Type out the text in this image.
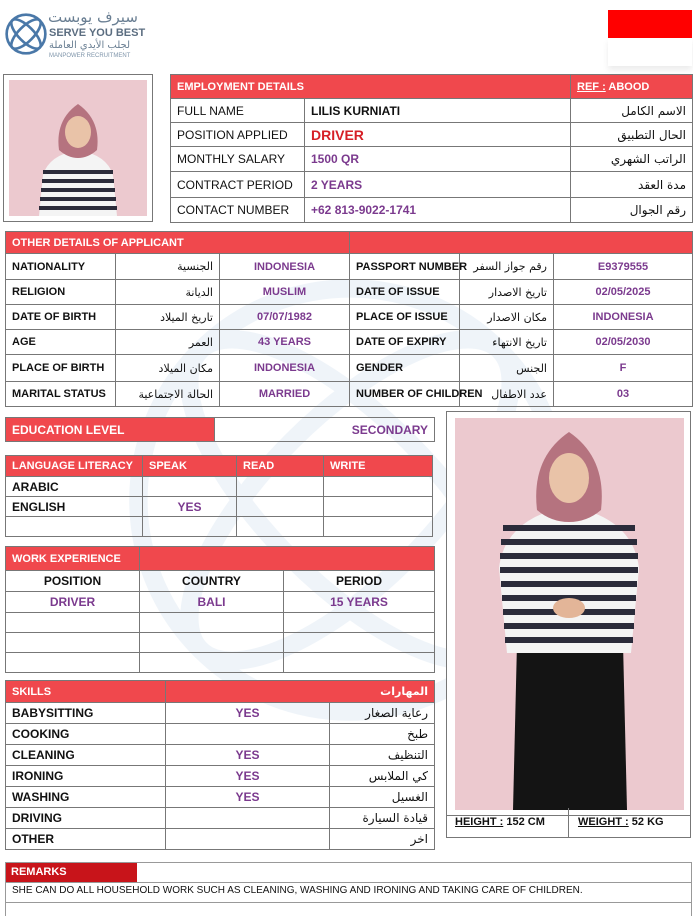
سيرف يوبست
SERVE YOU BEST
لجلب الأيدي العاملة
MANPOWER RECRUITMENT
EMPLOYMENT DETAILS		REF : ABOOD
FULL NAME	LILIS KURNIATI	الاسم الكامل
POSITION APPLIED	DRIVER	الحال التطبيق
MONTHLY SALARY	1500 QR	الراتب الشهري
CONTRACT PERIOD	2 YEARS	مدة العقد
CONTACT NUMBER	+62 813-9022-1741	رقم الجوال
OTHER DETAILS OF APPLICANT					
NATIONALITY	الجنسية	INDONESIA	PASSPORT NUMBER	رقم جواز السفر	E9379555
RELIGION	الديانة	MUSLIM	DATE OF ISSUE	تاريخ الاصدار	02/05/2025
DATE OF BIRTH	تاريخ الميلاد	07/07/1982	PLACE OF ISSUE	مكان الاصدار	INDONESIA
AGE	العمر	43 YEARS	DATE OF EXPIRY	تاريخ الانتهاء	02/05/2030
PLACE OF BIRTH	مكان الميلاد	INDONESIA	GENDER	الجنس	F
MARITAL STATUS	الحالة الاجتماعية	MARRIED	NUMBER OF CHILDREN	عدد الاطفال	03
EDUCATION LEVEL	SECONDARY
LANGUAGE LITERACY	SPEAK	READ	WRITE
ARABIC			
ENGLISH	YES		

WORK EXPERIENCE		
POSITION	COUNTRY	PERIOD
DRIVER	BALI	15 YEARS

SKILLS		المهارات
BABYSITTING	YES	رعاية الصغار
COOKING		طبخ
CLEANING	YES	التنظيف
IRONING	YES	كي الملابس
WASHING	YES	الغسيل
DRIVING		قيادة السيارة
OTHER		اخر
HEIGHT : 152 CM	WEIGHT : 52 KG
REMARKS
SHE CAN DO ALL HOUSEHOLD WORK SUCH AS CLEANING, WASHING AND IRONING AND TAKING CARE OF CHILDREN.
